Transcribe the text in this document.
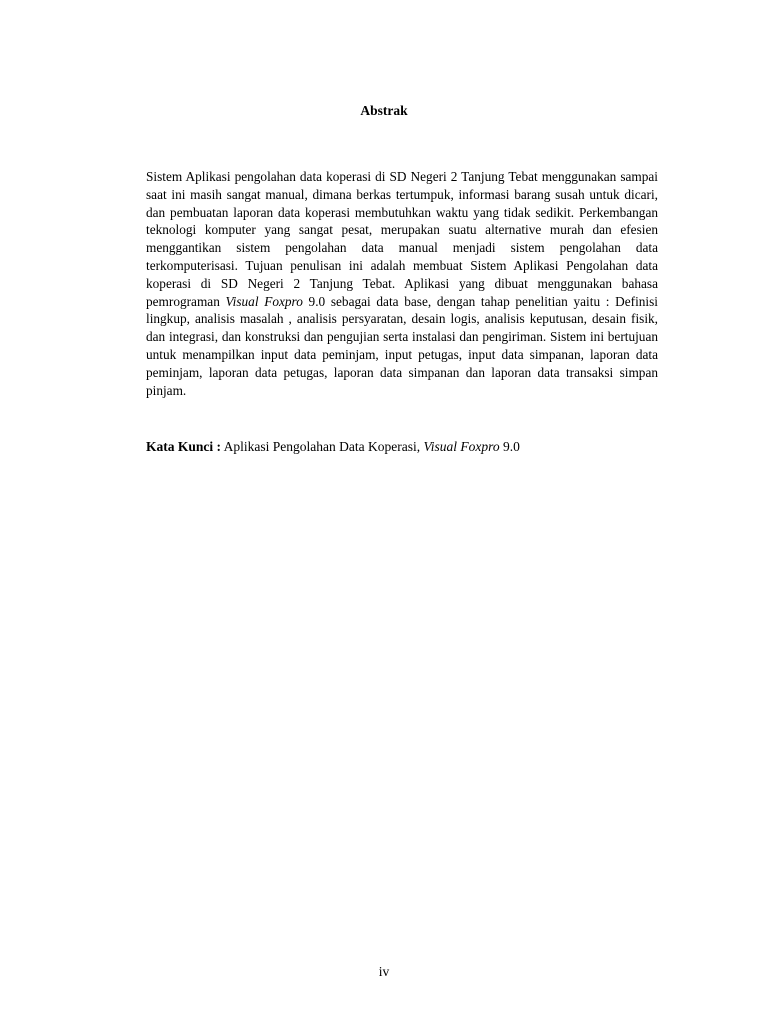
Abstrak

Sistem Aplikasi pengolahan data koperasi di SD Negeri 2 Tanjung Tebat menggunakan sampai saat ini masih sangat manual, dimana berkas tertumpuk, informasi barang susah untuk dicari, dan pembuatan laporan data koperasi membutuhkan waktu yang tidak sedikit. Perkembangan teknologi komputer yang sangat pesat, merupakan suatu alternative murah dan efesien menggantikan sistem pengolahan data manual menjadi sistem pengolahan data terkomputerisasi. Tujuan penulisan ini adalah membuat Sistem Aplikasi Pengolahan data koperasi di SD Negeri 2 Tanjung Tebat. Aplikasi yang dibuat menggunakan bahasa pemrograman Visual Foxpro 9.0 sebagai data base, dengan tahap penelitian yaitu : Definisi lingkup, analisis masalah , analisis persyaratan, desain logis, analisis keputusan, desain fisik, dan integrasi, dan konstruksi dan pengujian serta instalasi dan pengiriman. Sistem ini bertujuan untuk menampilkan input data peminjam, input petugas, input data simpanan, laporan data peminjam, laporan data petugas, laporan data simpanan dan laporan data transaksi simpan pinjam.

Kata Kunci : Aplikasi Pengolahan Data Koperasi, Visual Foxpro 9.0

iv
